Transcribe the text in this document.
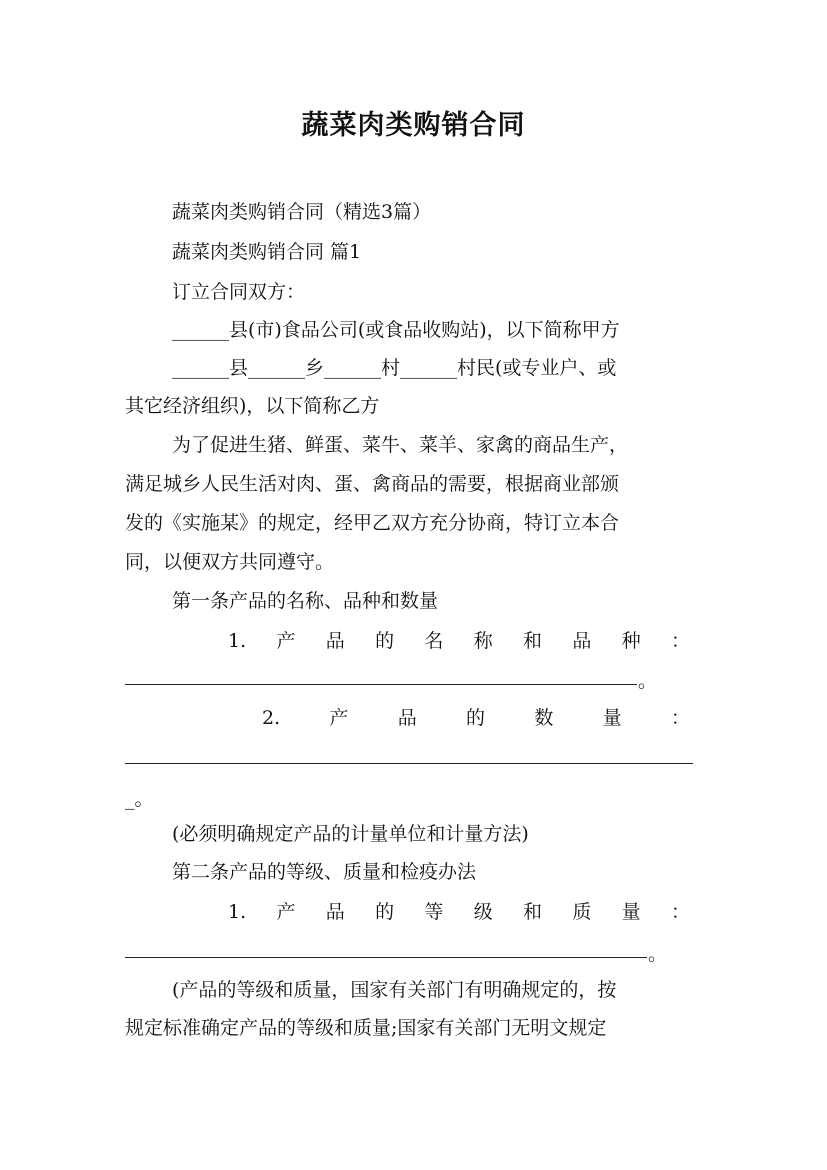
蔬菜肉类购销合同

蔬菜肉类购销合同（精选3篇）

蔬菜肉类购销合同 篇1

订立合同双方：

______县(市)食品公司(或食品收购站)，以下简称甲方

______县______乡______村______村民(或专业户、或

其它经济组织)，以下简称乙方

为了促进生猪、鲜蛋、菜牛、菜羊、家禽的商品生产，

满足城乡人民生活对肉、蛋、禽商品的需要，根据商业部颁

发的《实施某》的规定，经甲乙双方充分协商，特订立本合

同，以便双方共同遵守。

第一条产品的名称、品种和数量

1. 产 品 的 名 称 和 品 种 ：
。
2.	产	品	的	数	量	：

_。

(必须明确规定产品的计量单位和计量方法)

第二条产品的等级、质量和检疫办法

1. 产 品 的 等 级 和 质 量 ：
。

(产品的等级和质量，国家有关部门有明确规定的，按

规定标准确定产品的等级和质量;国家有关部门无明文规定
